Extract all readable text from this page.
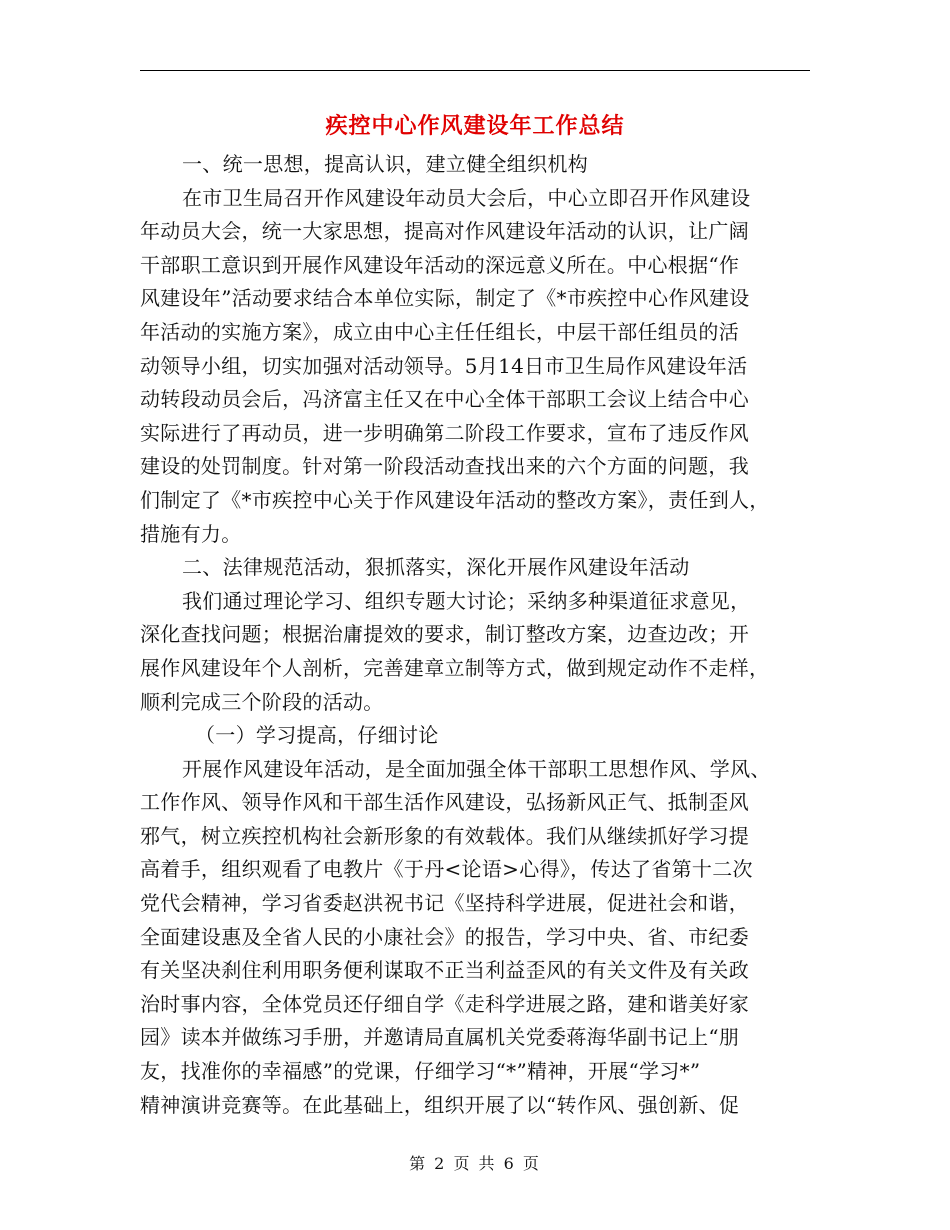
疾控中心作风建设年工作总结
一、统一思想，提高认识，建立健全组织机构
在市卫生局召开作风建设年动员大会后，中心立即召开作风建设
年动员大会，统一大家思想，提高对作风建设年活动的认识，让广阔
干部职工意识到开展作风建设年活动的深远意义所在。中心根据“作
风建设年”活动要求结合本单位实际，制定了《*市疾控中心作风建设
年活动的实施方案》，成立由中心主任任组长，中层干部任组员的活
动领导小组，切实加强对活动领导。5月14日市卫生局作风建设年活
动转段动员会后，冯济富主任又在中心全体干部职工会议上结合中心
实际进行了再动员，进一步明确第二阶段工作要求，宣布了违反作风
建设的处罚制度。针对第一阶段活动查找出来的六个方面的问题，我
们制定了《*市疾控中心关于作风建设年活动的整改方案》，责任到人，
措施有力。
二、法律规范活动，狠抓落实，深化开展作风建设年活动
我们通过理论学习、组织专题大讨论；采纳多种渠道征求意见，
深化查找问题；根据治庸提效的要求，制订整改方案，边查边改；开
展作风建设年个人剖析，完善建章立制等方式，做到规定动作不走样，
顺利完成三个阶段的活动。
（一）学习提高，仔细讨论
开展作风建设年活动，是全面加强全体干部职工思想作风、学风、
工作作风、领导作风和干部生活作风建设，弘扬新风正气、抵制歪风
邪气，树立疾控机构社会新形象的有效载体。我们从继续抓好学习提
高着手，组织观看了电教片《于丹<论语>心得》，传达了省第十二次
党代会精神，学习省委赵洪祝书记《坚持科学进展，促进社会和谐，
全面建设惠及全省人民的小康社会》的报告，学习中央、省、市纪委
有关坚决刹住利用职务便利谋取不正当利益歪风的有关文件及有关政
治时事内容，全体党员还仔细自学《走科学进展之路，建和谐美好家
园》读本并做练习手册，并邀请局直属机关党委蒋海华副书记上“朋
友，找准你的幸福感”的党课，仔细学习“*”精神，开展“学习*”
精神演讲竞赛等。在此基础上，组织开展了以“转作风、强创新、促
第 2 页 共 6 页
